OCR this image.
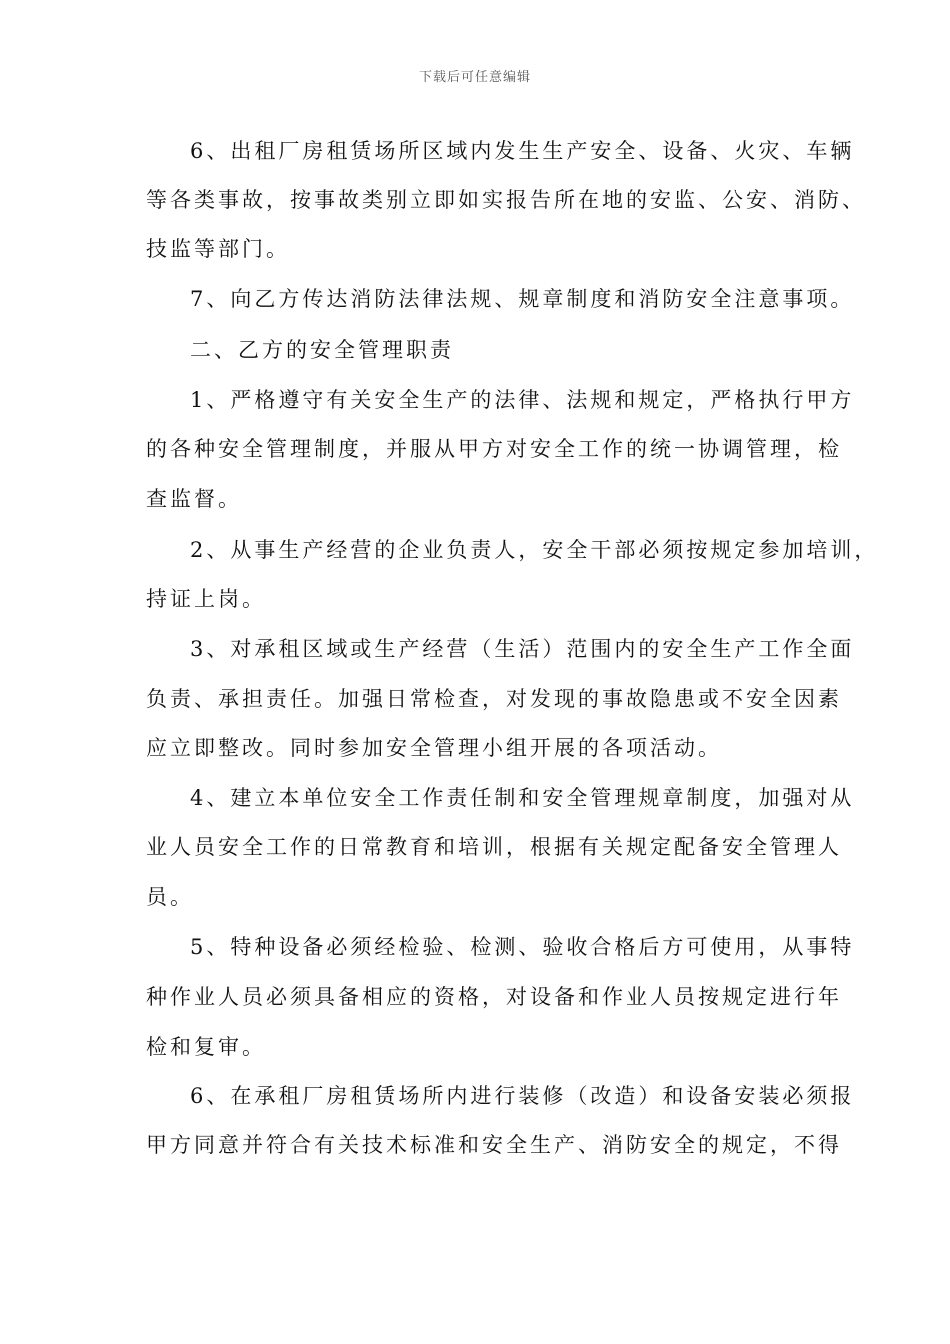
下载后可任意编辑
6、出租厂房租赁场所区域内发生生产安全、设备、火灾、车辆
等各类事故，按事故类别立即如实报告所在地的安监、公安、消防、
技监等部门。
7、向乙方传达消防法律法规、规章制度和消防安全注意事项。
二、乙方的安全管理职责
1、严格遵守有关安全生产的法律、法规和规定，严格执行甲方
的各种安全管理制度，并服从甲方对安全工作的统一协调管理，检
查监督。
2、从事生产经营的企业负责人，安全干部必须按规定参加培训，
持证上岗。
3、对承租区域或生产经营（生活）范围内的安全生产工作全面
负责、承担责任。加强日常检查，对发现的事故隐患或不安全因素
应立即整改。同时参加安全管理小组开展的各项活动。
4、建立本单位安全工作责任制和安全管理规章制度，加强对从
业人员安全工作的日常教育和培训，根据有关规定配备安全管理人
员。
5、特种设备必须经检验、检测、验收合格后方可使用，从事特
种作业人员必须具备相应的资格，对设备和作业人员按规定进行年
检和复审。
6、在承租厂房租赁场所内进行装修（改造）和设备安装必须报
甲方同意并符合有关技术标准和安全生产、消防安全的规定，不得
